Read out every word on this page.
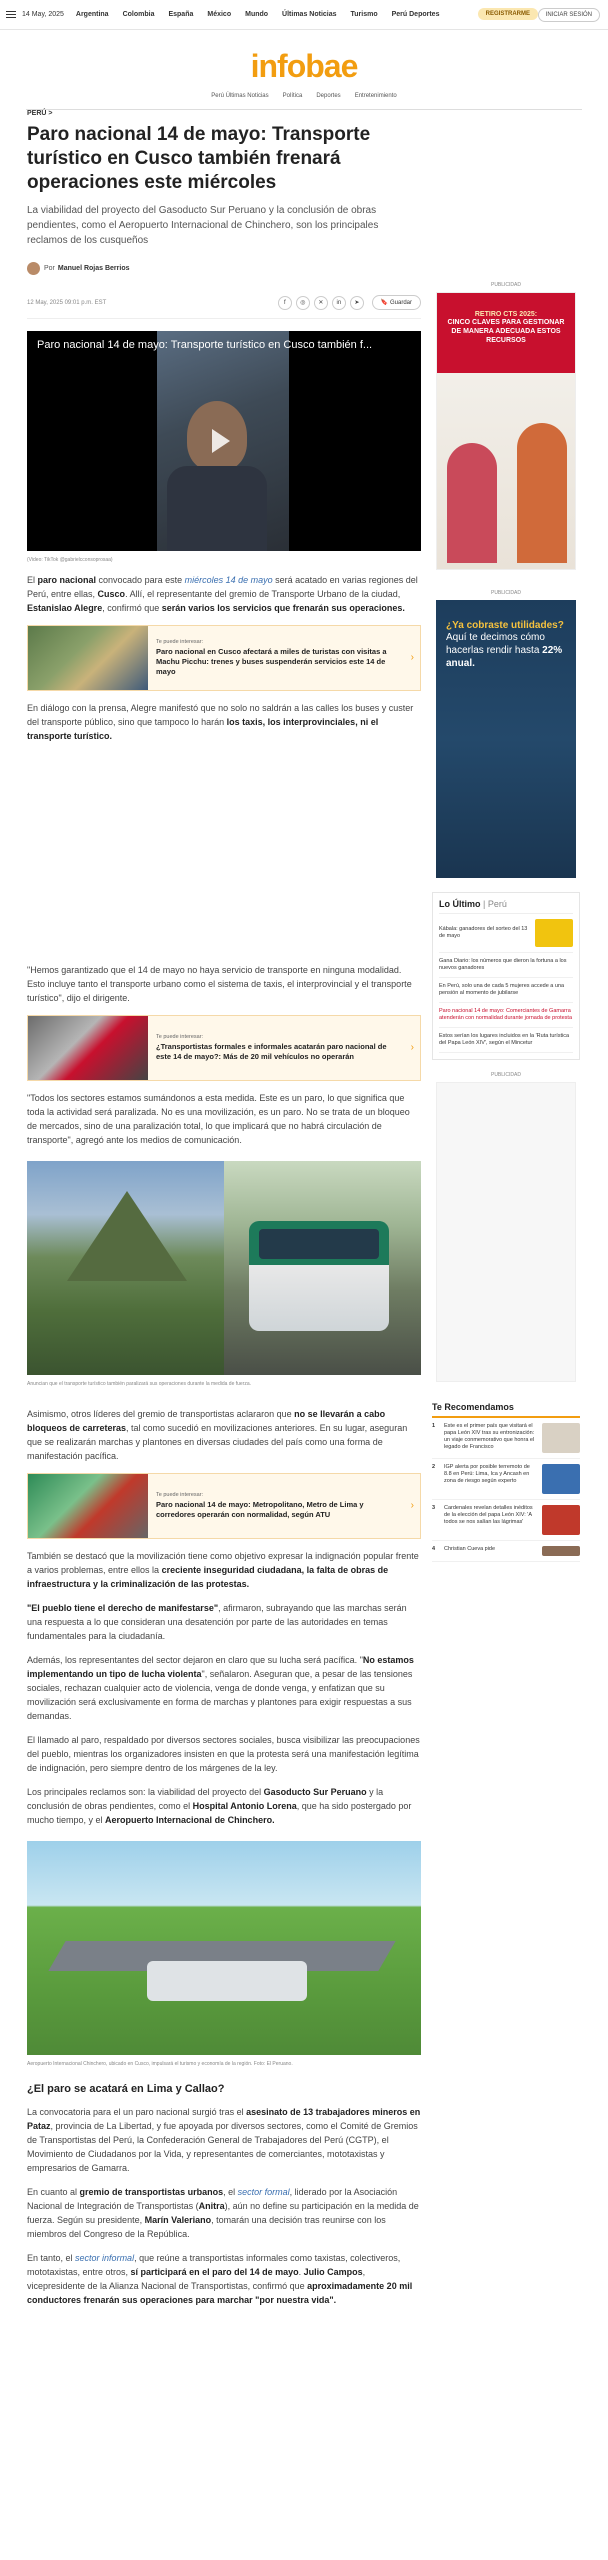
14 May, 2025 Argentina Colombia España México Mundo Últimas Noticias Turismo Perú Deportes	REGISTRARME	INICIAR SESIÓN
infobae
Perú Últimas Noticias Política Deportes Entretenimiento
PERÚ >
Paro nacional 14 de mayo: Transporte turístico en Cusco también frenará operaciones este miércoles
La viabilidad del proyecto del Gasoducto Sur Peruano y la conclusión de obras pendientes, como el Aeropuerto Internacional de Chinchero, son los principales reclamos de los cusqueños
Por Manuel Rojas Berrios
12 May, 2025 09:01 p.m. EST	f	◎	✕	in	➤	🔖 Guardar
Paro nacional 14 de mayo: Transporte turístico en Cusco también f...
(Video: TikTok @gabrielcconsoprosaa)

El paro nacional convocado para este miércoles 14 de mayo será acatado en varias regiones del Perú, entre ellas, Cusco. Allí, el representante del gremio de Transporte Urbano de la ciudad, Estanislao Alegre, confirmó que serán varios los servicios que frenarán sus operaciones.

Te puede interesar:
Paro nacional en Cusco afectará a miles de turistas con visitas a Machu Picchu: trenes y buses suspenderán servicios este 14 de mayo
›

En diálogo con la prensa, Alegre manifestó que no solo no saldrán a las calles los buses y custer del transporte público, sino que tampoco lo harán los taxis, los interprovinciales, ni el transporte turístico.

"Hemos garantizado que el 14 de mayo no haya servicio de transporte en ninguna modalidad. Esto incluye tanto el transporte urbano como el sistema de taxis, el interprovincial y el transporte turístico", dijo el dirigente.

Te puede interesar:
¿Transportistas formales e informales acatarán paro nacional de este 14 de mayo?: Más de 20 mil vehículos no operarán
›

"Todos los sectores estamos sumándonos a esta medida. Este es un paro, lo que significa que toda la actividad será paralizada. No es una movilización, es un paro. No se trata de un bloqueo de mercados, sino de una paralización total, lo que implicará que no habrá circulación de transporte", agregó ante los medios de comunicación.

Anuncian que el transporte turístico también paralizará sus operaciones durante la medida de fuerza.

Asimismo, otros líderes del gremio de transportistas aclararon que no se llevarán a cabo bloqueos de carreteras, tal como sucedió en movilizaciones anteriores. En su lugar, aseguran que se realizarán marchas y plantones en diversas ciudades del país como una forma de manifestación pacífica.

Te puede interesar:
Paro nacional 14 de mayo: Metropolitano, Metro de Lima y corredores operarán con normalidad, según ATU
›

También se destacó que la movilización tiene como objetivo expresar la indignación popular frente a varios problemas, entre ellos la creciente inseguridad ciudadana, la falta de obras de infraestructura y la criminalización de las protestas.

"El pueblo tiene el derecho de manifestarse", afirmaron, subrayando que las marchas serán una respuesta a lo que consideran una desatención por parte de las autoridades en temas fundamentales para la ciudadanía.

Además, los representantes del sector dejaron en claro que su lucha será pacífica. "No estamos implementando un tipo de lucha violenta", señalaron. Aseguran que, a pesar de las tensiones sociales, rechazan cualquier acto de violencia, venga de donde venga, y enfatizan que su movilización será exclusivamente en forma de marchas y plantones para exigir respuestas a sus demandas.

El llamado al paro, respaldado por diversos sectores sociales, busca visibilizar las preocupaciones del pueblo, mientras los organizadores insisten en que la protesta será una manifestación legítima de indignación, pero siempre dentro de los márgenes de la ley.

Los principales reclamos son: la viabilidad del proyecto del Gasoducto Sur Peruano y la conclusión de obras pendientes, como el Hospital Antonio Lorena, que ha sido postergado por mucho tiempo, y el Aeropuerto Internacional de Chinchero.

Aeropuerto Internacional Chinchero, ubicado en Cusco, impulsará el turismo y economía de la región. Foto: El Peruano.
¿El paro se acatará en Lima y Callao?

La convocatoria para el un paro nacional surgió tras el asesinato de 13 trabajadores mineros en Pataz, provincia de La Libertad, y fue apoyada por diversos sectores, como el Comité de Gremios de Transportistas del Perú, la Confederación General de Trabajadores del Perú (CGTP), el Movimiento de Ciudadanos por la Vida, y representantes de comerciantes, mototaxistas y empresarios de Gamarra.

En cuanto al gremio de transportistas urbanos, el sector formal, liderado por la Asociación Nacional de Integración de Transportistas (Anitra), aún no define su participación en la medida de fuerza. Según su presidente, Marín Valeriano, tomarán una decisión tras reunirse con los miembros del Congreso de la República.

En tanto, el sector informal, que reúne a transportistas informales como taxistas, colectiveros, mototaxistas, entre otros, sí participará en el paro del 14 de mayo. Julio Campos, vicepresidente de la Alianza Nacional de Transportistas, confirmó que aproximadamente 20 mil conductores frenarán sus operaciones para marchar "por nuestra vida".

PUBLICIDAD
RETIRO CTS 2025:
CINCO CLAVES PARA GESTIONAR DE MANERA ADECUADA ESTOS RECURSOS
PUBLICIDAD
¿Ya cobraste utilidades?
Aquí te decimos cómo hacerlas rendir hasta 22% anual.
Lo Último | Perú
Kábala: ganadores del sorteo del 13 de mayo
Gana Diario: los números que dieron la fortuna a los nuevos ganadores
En Perú, solo una de cada 5 mujeres accede a una pensión al momento de jubilarse
Paro nacional 14 de mayo: Comerciantes de Gamarra atenderán con normalidad durante jornada de protesta
Estos serían los lugares incluidos en la 'Ruta turística del Papa León XIV', según el Mincetur
PUBLICIDAD
Te Recomendamos
1	Este es el primer país que visitará el papa León XIV tras su entronización: un viaje conmemorativo que honra el legado de Francisco
2	IGP alerta por posible terremoto de 8.8 en Perú: Lima, Ica y Ancash en zona de riesgo según experto
3	Cardenales revelan detalles inéditos de la elección del papa León XIV: 'A todos se nos salían las lágrimas'
4	Christian Cueva pide
